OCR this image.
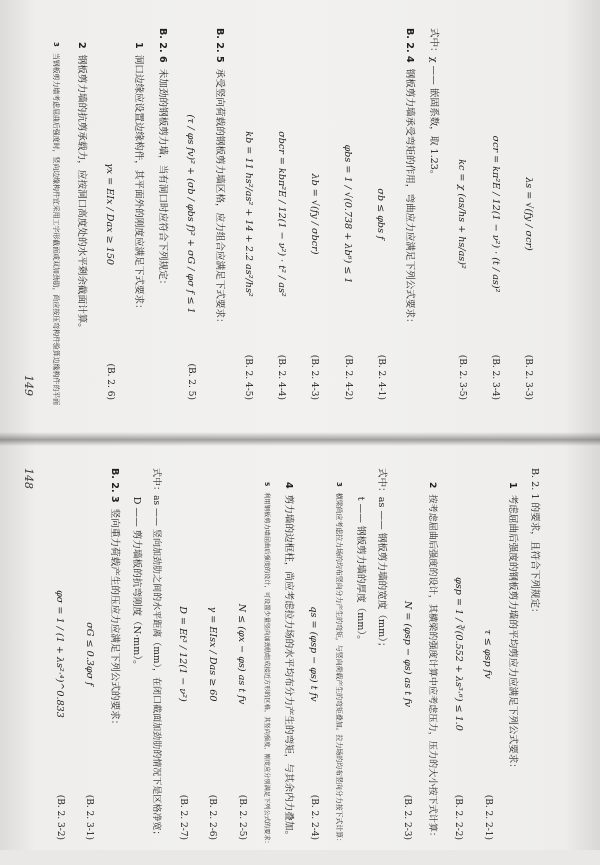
λs = √(fy / σcr)
(B. 2. 3-3)
σcr = kπ²E / 12(1 − ν²) · (t / as)²
(B. 2. 3-4)
kc = χ (as/hs + hs/as)²
(B. 2. 3-5)
式中：χ —— 嵌固系数，取 1.23。
B. 2. 4
钢板剪力墙承受弯矩的作用，弯曲应力应满足下列公式要求：
σb ≤ φbs f
(B. 2. 4-1)
φbs = 1 / √(0.738 + λb⁶) ≤ 1
(B. 2. 4-2)
λb = √(fy / σbcr)
(B. 2. 4-3)
σbcr = kbπ²E / 12(1 − ν²) · t² / as²
(B. 2. 4-4)
kb = 11 hs²/as² + 14 + 2.2 as²/hs²
(B. 2. 4-5)
B. 2. 5
承受竖向荷载的钢板剪力墙区格，应力组合应满足下式要求：
(τ / φs fv)² + (σb / φbs f)² + σG / φσ f ≤ 1
(B. 2. 5)
B. 2. 6
未加劲的钢板剪力墙，当有洞口时应符合下列规定：
1
洞口边缘应设置边缘构件，其平面外的刚度应满足下式要求：
γx = EIx / Dax ≥ 150
(B. 2. 6)
2
钢板剪力墙的抗剪承载力，应按洞口高度处的水平剩余截面计算。
3
当钢板剪力墙考虑屈曲后强度时，竖向边缘构件宜采用工字形截面或双加劲肋，尚应按压弯构件验算边缘构件的平面
149
B. 2. 1 的要求，且符合下列规定：
1
考虑屈曲后强度的钢板剪力墙的平均剪应力应满足下列公式要求：
τ ≤ φsp fv
(B. 2. 2-1)
φsp = 1 / ∛(0.552 + λs³·⁶) ≤ 1.0
(B. 2. 2-2)
2
按考虑屈曲后强度的设计，其横梁的强度计算中应考虑压力，压力的大小按下式计算：
N = (φsp − φs) as t fv
(B. 2. 2-3)
式中：as —— 钢板剪力墙的宽度（mm）；
　　　t —— 钢板剪力墙的厚度（mm）。
3
横梁尚应考虑拉力场的均布竖向分力产生的弯矩，与竖向荷载产生的弯矩叠加。拉力场的均布竖向分力按下式计算：
qs = (φsp − φs) t fv
(B. 2. 2-4)
4
剪力墙的边框柱，尚应考虑拉力场的水平均布分力产生的弯矩，与其余内力叠加。
5
利用钢板剪力墙屈曲后强度的设计，可设置少量竖向加劲肋组成接近方形的区格，其竖向强度、刚度应分别满足下列公式的要求：
N ≤ (φx − φs) as t fv
(B. 2. 2-5)
γ = EIsx / Das ≥ 60
(B. 2. 2-6)
D = Et³ / 12(1 − ν²)
(B. 2. 2-7)
式中：as —— 竖向加劲肋之间的水平距离（mm），在闭口截面加劲肋的情况下是区格净宽；
　　　D —— 剪力墙板的抗弯刚度（N·mm）。
B. 2. 3
竖向重力荷载产生的压应力应满足下列公式的要求：
σG ≤ 0.3φσ f
(B. 2. 3-1)
φσ = 1 / (1 + λs²·⁴)^0.833
(B. 2. 3-2)
148
